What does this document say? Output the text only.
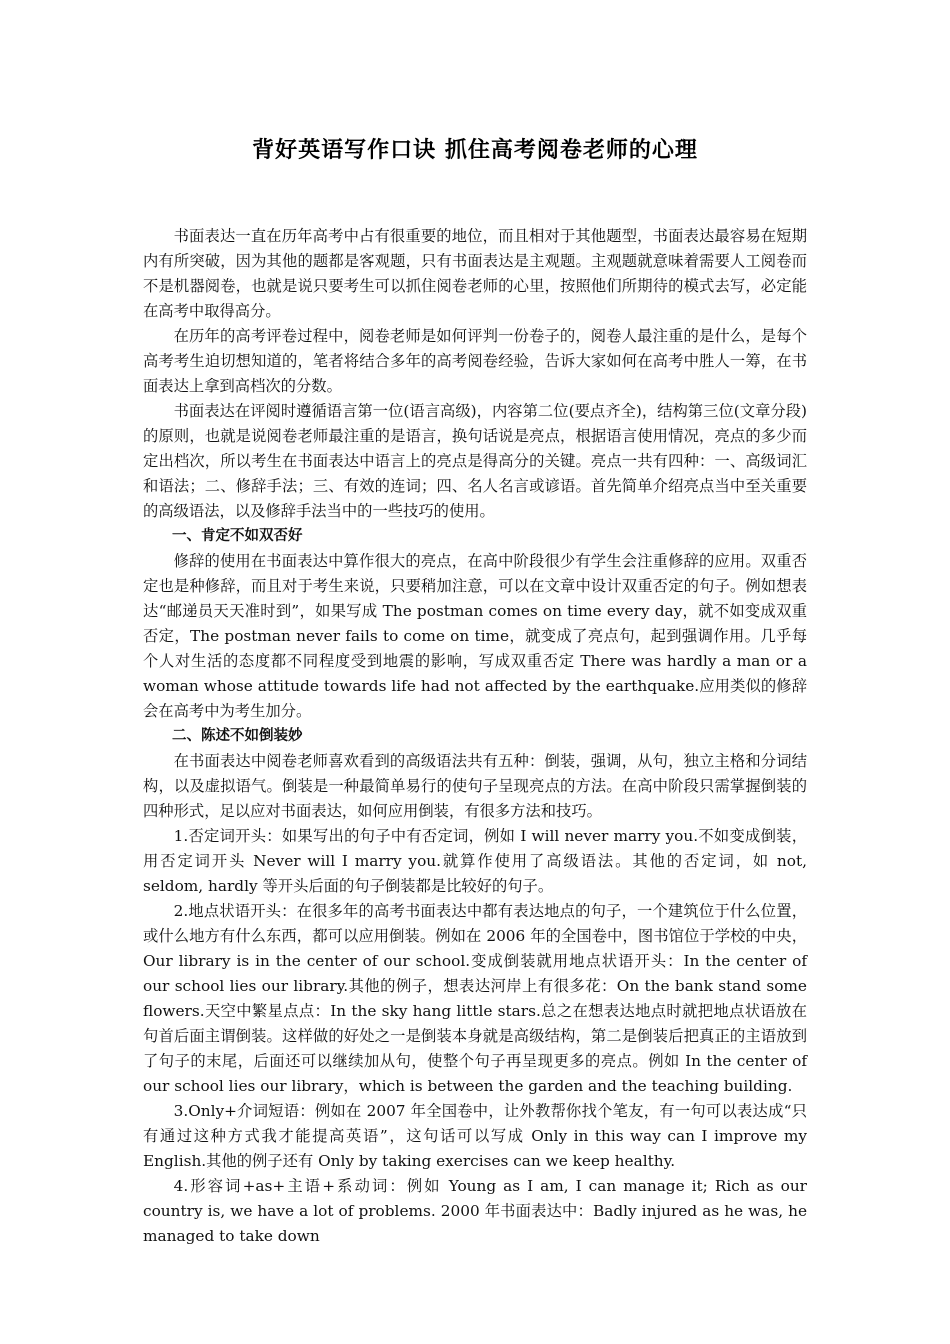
背好英语写作口诀 抓住高考阅卷老师的心理

书面表达一直在历年高考中占有很重要的地位，而且相对于其他题型，书面表达最容易在短期内有所突破，因为其他的题都是客观题，只有书面表达是主观题。主观题就意味着需要人工阅卷而不是机器阅卷，也就是说只要考生可以抓住阅卷老师的心里，按照他们所期待的模式去写，必定能在高考中取得高分。

在历年的高考评卷过程中，阅卷老师是如何评判一份卷子的，阅卷人最注重的是什么，是每个高考考生迫切想知道的，笔者将结合多年的高考阅卷经验，告诉大家如何在高考中胜人一筹，在书面表达上拿到高档次的分数。

书面表达在评阅时遵循语言第一位(语言高级)，内容第二位(要点齐全)，结构第三位(文章分段)的原则，也就是说阅卷老师最注重的是语言，换句话说是亮点，根据语言使用情况，亮点的多少而定出档次，所以考生在书面表达中语言上的亮点是得高分的关键。亮点一共有四种：一、高级词汇和语法；二、修辞手法；三、有效的连词；四、名人名言或谚语。首先简单介绍亮点当中至关重要的高级语法，以及修辞手法当中的一些技巧的使用。

一、肯定不如双否好

修辞的使用在书面表达中算作很大的亮点，在高中阶段很少有学生会注重修辞的应用。双重否定也是种修辞，而且对于考生来说，只要稍加注意，可以在文章中设计双重否定的句子。例如想表达“邮递员天天准时到”，如果写成 The postman comes on time every day，就不如变成双重否定，The postman never fails to come on time，就变成了亮点句，起到强调作用。几乎每个人对生活的态度都不同程度受到地震的影响，写成双重否定 There was hardly a man or a woman whose attitude towards life had not affected by the earthquake.应用类似的修辞会在高考中为考生加分。

二、陈述不如倒装妙

在书面表达中阅卷老师喜欢看到的高级语法共有五种：倒装，强调，从句，独立主格和分词结构，以及虚拟语气。倒装是一种最简单易行的使句子呈现亮点的方法。在高中阶段只需掌握倒装的四种形式，足以应对书面表达，如何应用倒装，有很多方法和技巧。

1.否定词开头：如果写出的句子中有否定词，例如 I will never marry you.不如变成倒装，用否定词开头 Never will I marry you.就算作使用了高级语法。其他的否定词，如 not, seldom, hardly 等开头后面的句子倒装都是比较好的句子。

2.地点状语开头：在很多年的高考书面表达中都有表达地点的句子，一个建筑位于什么位置，或什么地方有什么东西，都可以应用倒装。例如在 2006 年的全国卷中，图书馆位于学校的中央，Our library is in the center of our school.变成倒装就用地点状语开头：In the center of our school lies our library.其他的例子，想表达河岸上有很多花：On the bank stand some flowers.天空中繁星点点：In the sky hang little stars.总之在想表达地点时就把地点状语放在句首后面主谓倒装。这样做的好处之一是倒装本身就是高级结构，第二是倒装后把真正的主语放到了句子的末尾，后面还可以继续加从句，使整个句子再呈现更多的亮点。例如 In the center of our school lies our library，which is between the garden and the teaching building.

3.Only+介词短语：例如在 2007 年全国卷中，让外教帮你找个笔友，有一句可以表达成“只有通过这种方式我才能提高英语”，这句话可以写成 Only in this way can I improve my English.其他的例子还有 Only by taking exercises can we keep healthy.

4.形容词+as+主语+系动词：例如 Young as I am, I can manage it; Rich as our country is, we have a lot of problems. 2000 年书面表达中：Badly injured as he was, he managed to take down
